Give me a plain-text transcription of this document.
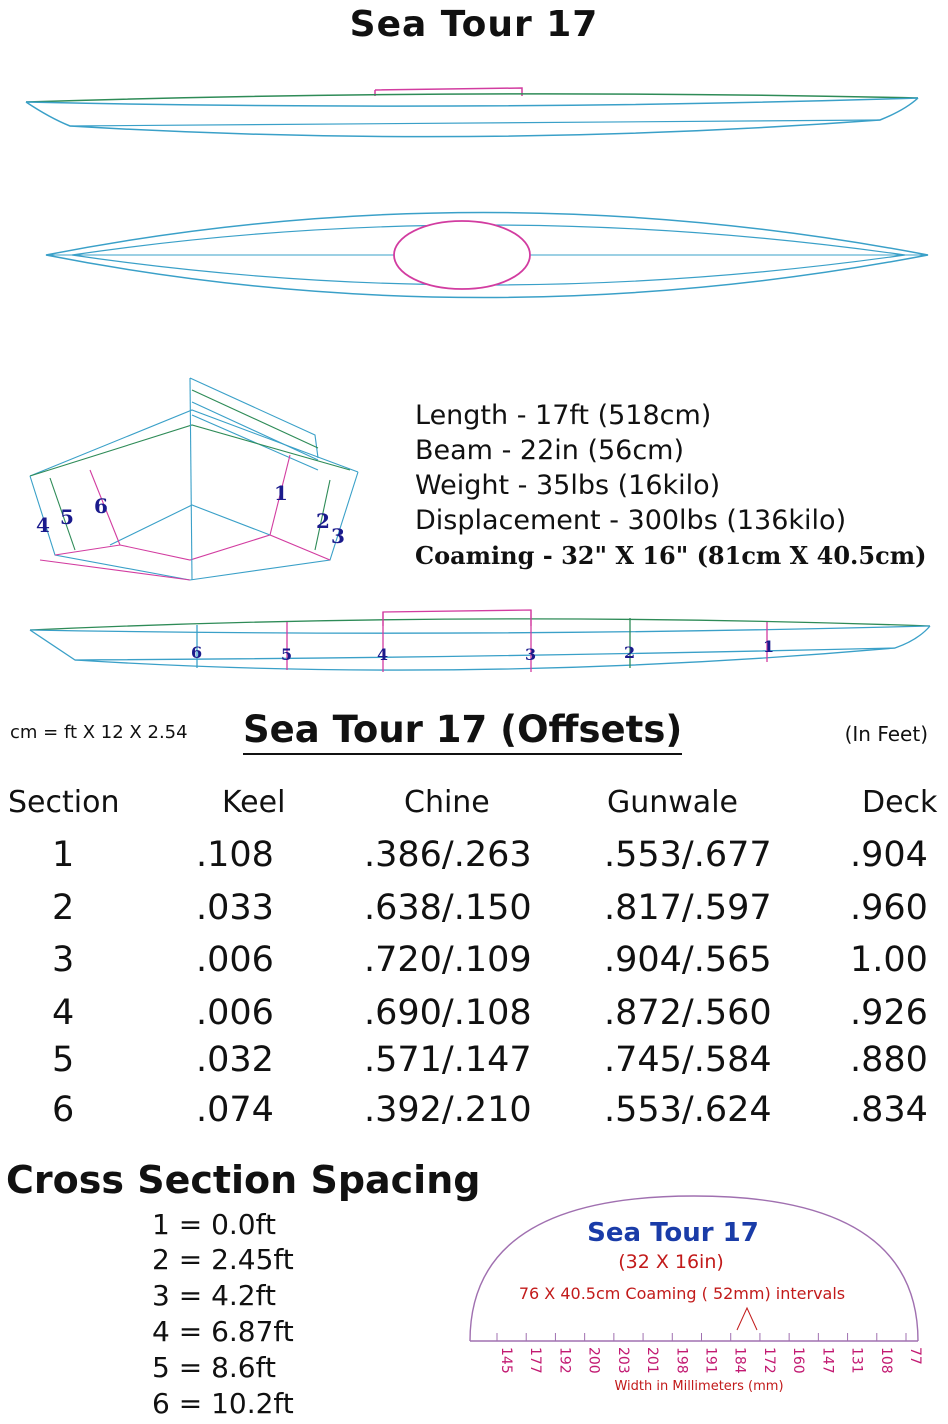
Sea Tour 17
4 5 6
1
2
3
Length - 17ft (518cm)
Beam - 22in (56cm)
Weight - 35lbs (16kilo)
Displacement - 300lbs (136kilo)
Coaming - 32" X 16" (81cm X 40.5cm)
6	5	4	3	2	1
cm = ft X 12 X 2.54 Sea Tour 17 (Offsets)	(In Feet)
Section	Keel	Chine	Gunwale	Deck
1	.108	.386/.263 .553/.677 .904
2	.033	.638/.150 .817/.597 .960
3	.006	.720/.109 .904/.565 1.00
4	.006	.690/.108 .872/.560 .926
5	.032	.571/.147 .745/.584 .880
6	.074	.392/.210 .553/.624 .834
Cross Section Spacing
1 = 0.0ft
2 = 2.45ft
3 = 4.2ft
4 = 6.87ft
5 = 8.6ft
6 = 10.2ft
Sea Tour 17
(32 X 16in)
76 X 40.5cm Coaming ( 52mm) intervals
145 177 192 200 203 201 198 191 184 172 160 147 131 108 77
Width in Millimeters (mm)
